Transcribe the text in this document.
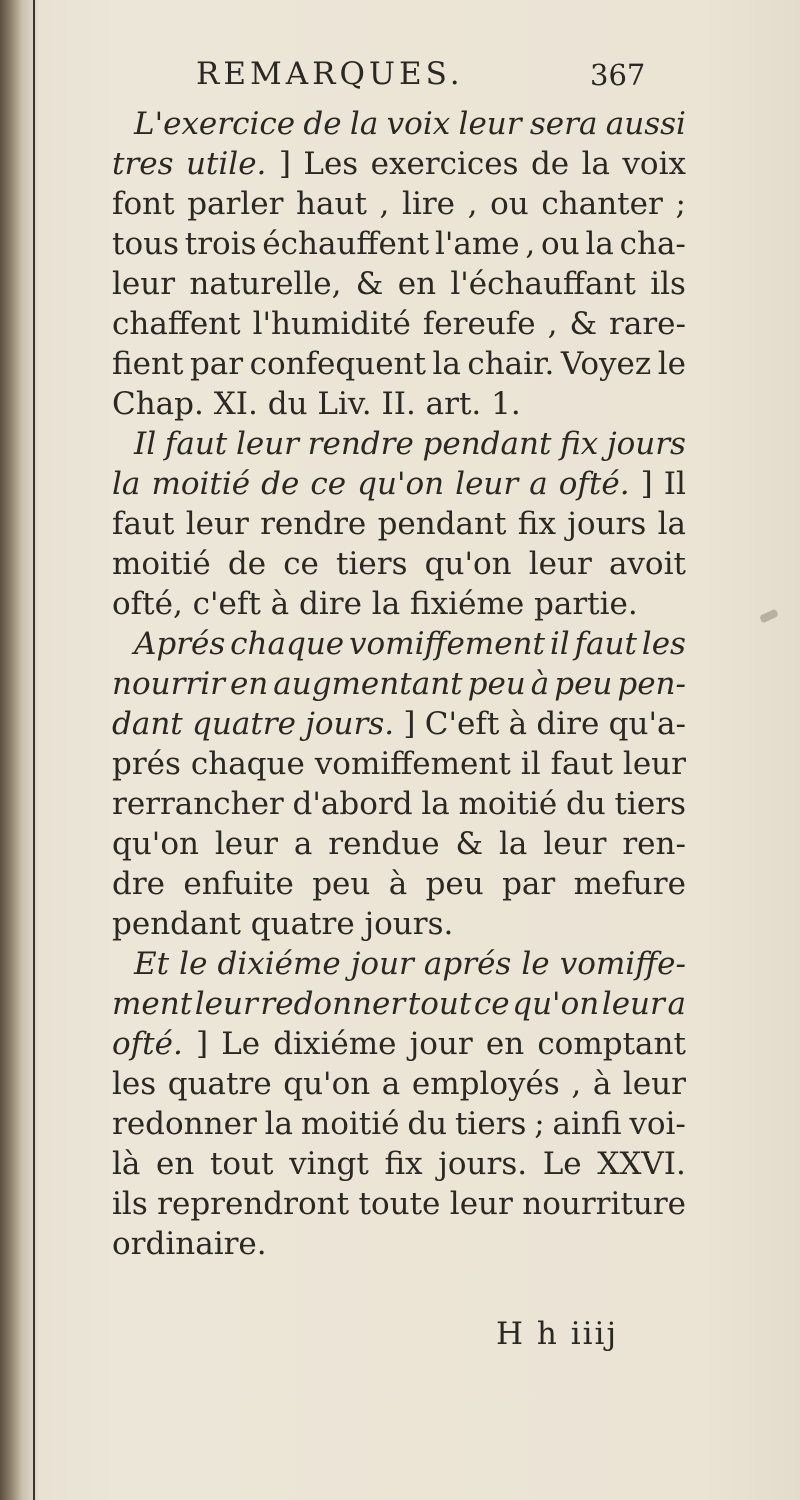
REMARQUES.	367
L'exercice de la voix leur sera aussi
tres utile. ] Les exercices de la voix
font parler haut , lire , ou chanter ;
tous trois échauffent l'ame , ou la cha-
leur naturelle, & en l'échauffant ils
chaffent l'humidité fereufe , & rare-
fient par confequent la chair. Voyez le
Chap. XI. du Liv. II. art. 1.
Il faut leur rendre pendant fix jours
la moitié de ce qu'on leur a ofté. ] Il
faut leur rendre pendant fix jours la
moitié de ce tiers qu'on leur avoit
ofté, c'eft à dire la fixiéme partie.
Aprés chaque vomiffement il faut les
nourrir en augmentant peu à peu pen-
dant quatre jours. ] C'eft à dire qu'a-
prés chaque vomiffement il faut leur
rerrancher d'abord la moitié du tiers
qu'on leur a rendue & la leur ren-
dre enfuite peu à peu par mefure
pendant quatre jours.
Et le dixiéme jour aprés le vomiffe-
ment leur redonner tout ce qu'on leur a
ofté. ] Le dixiéme jour en comptant
les quatre qu'on a employés , à leur
redonner la moitié du tiers ; ainfi voi-
là en tout vingt fix jours. Le XXVI.
ils reprendront toute leur nourriture
ordinaire.
H h iiij
